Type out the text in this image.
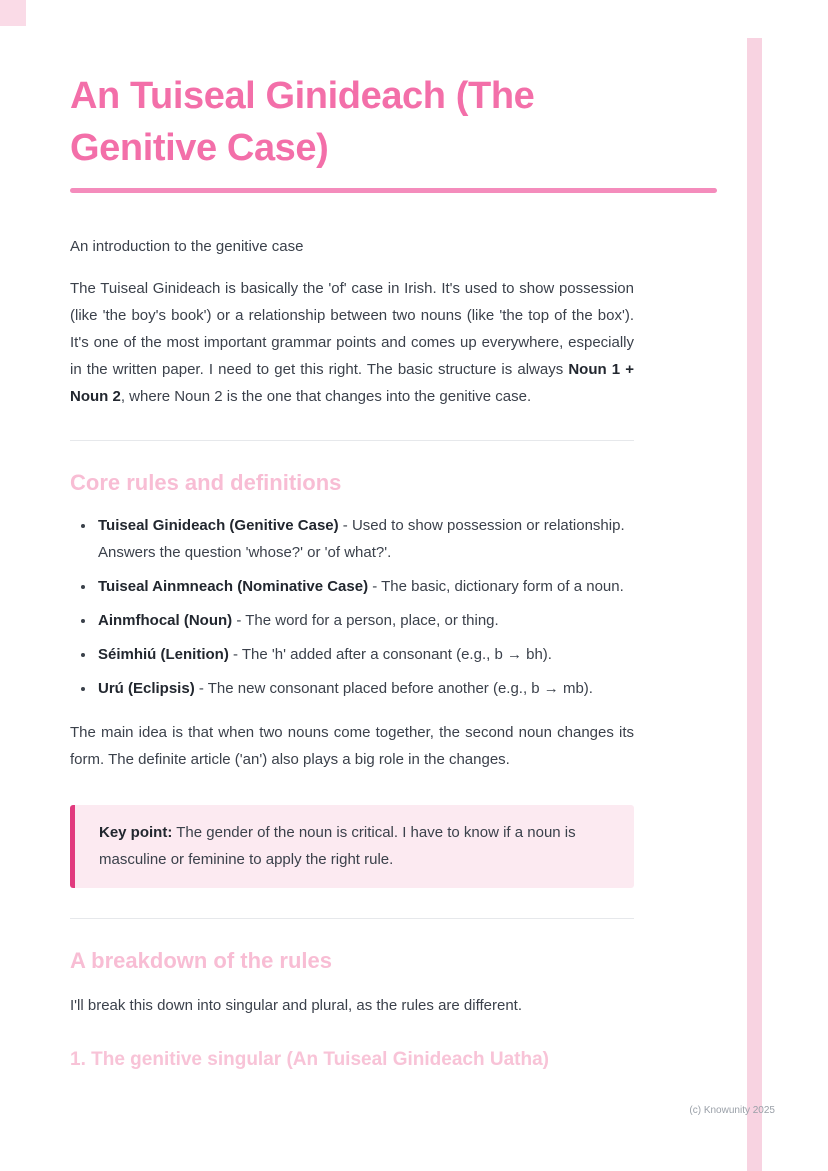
An Tuiseal Ginideach (The Genitive Case)
An introduction to the genitive case

The Tuiseal Ginideach is basically the 'of' case in Irish. It's used to show possession (like 'the boy's book') or a relationship between two nouns (like 'the top of the box'). It's one of the most important grammar points and comes up everywhere, especially in the written paper. I need to get this right. The basic structure is always Noun 1 + Noun 2, where Noun 2 is the one that changes into the genitive case.

Core rules and definitions
• Tuiseal Ginideach (Genitive Case) - Used to show possession or relationship. Answers the question 'whose?' or 'of what?'.
• Tuiseal Ainmneach (Nominative Case) - The basic, dictionary form of a noun.
• Ainmfhocal (Noun) - The word for a person, place, or thing.
• Séimhiú (Lenition) - The 'h' added after a consonant (e.g., b → bh).
• Urú (Eclipsis) - The new consonant placed before another (e.g., b → mb).

The main idea is that when two nouns come together, the second noun changes its form. The definite article ('an') also plays a big role in the changes.

Key point: The gender of the noun is critical. I have to know if a noun is masculine or feminine to apply the right rule.
A breakdown of the rules

I'll break this down into singular and plural, as the rules are different.

1. The genitive singular (An Tuiseal Ginideach Uatha)
(c) Knowunity 2025
